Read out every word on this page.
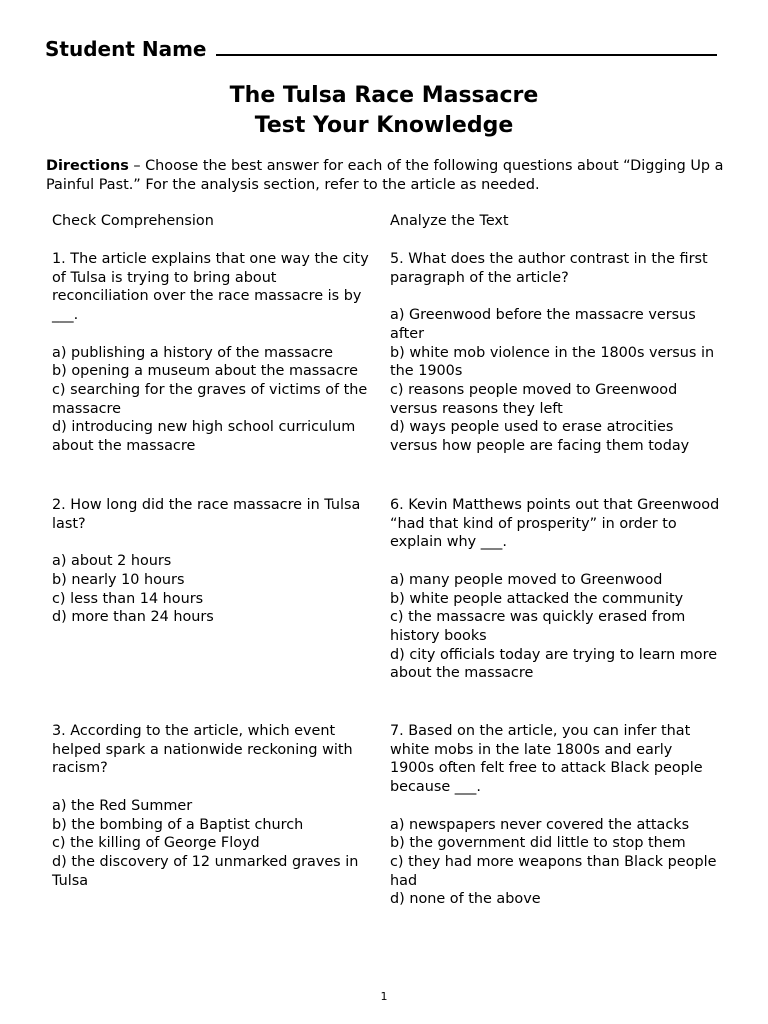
Student Name
The Tulsa Race Massacre
Test Your Knowledge
Directions – Choose the best answer for each of the following questions about “Digging Up a Painful Past.” For the analysis section, refer to the article as needed.
Check Comprehension	Analyze the Text

1. The article explains that one way the city of Tulsa is trying to bring about reconciliation over the race massacre is by ___.

a) publishing a history of the massacre
b) opening a museum about the massacre
c) searching for the graves of victims of the massacre
d) introducing new high school curriculum about the massacre

2. How long did the race massacre in Tulsa last?

a) about 2 hours
b) nearly 10 hours
c) less than 14 hours
d) more than 24 hours

3. According to the article, which event helped spark a nationwide reckoning with racism?

a) the Red Summer
b) the bombing of a Baptist church
c) the killing of George Floyd
d) the discovery of 12 unmarked graves in Tulsa

5. What does the author contrast in the first paragraph of the article?

a) Greenwood before the massacre versus after
b) white mob violence in the 1800s versus in the 1900s
c) reasons people moved to Greenwood versus reasons they left
d) ways people used to erase atrocities versus how people are facing them today

6. Kevin Matthews points out that Greenwood “had that kind of prosperity” in order to explain why ___.

a) many people moved to Greenwood
b) white people attacked the community
c) the massacre was quickly erased from history books
d) city officials today are trying to learn more about the massacre

7. Based on the article, you can infer that white mobs in the late 1800s and early 1900s often felt free to attack Black people because ___.

a) newspapers never covered the attacks
b) the government did little to stop them
c) they had more weapons than Black people had
d) none of the above
1
